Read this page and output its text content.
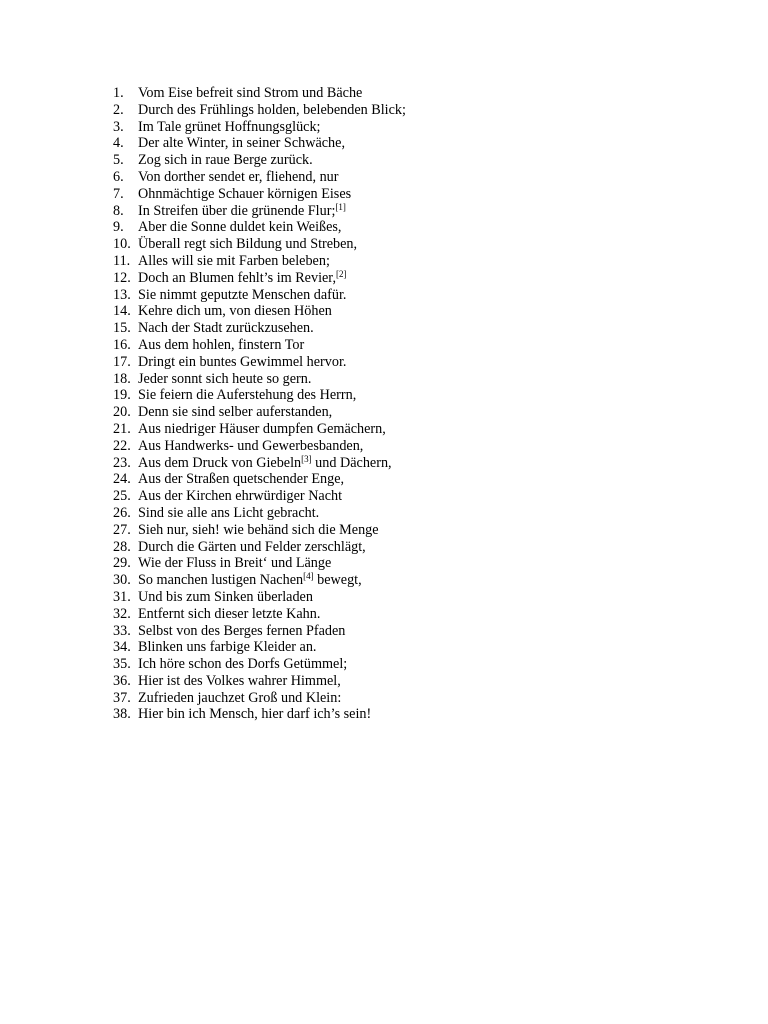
1.	Vom Eise befreit sind Strom und Bäche
2.	Durch des Frühlings holden, belebenden Blick;
3.	Im Tale grünet Hoffnungsglück;
4.	Der alte Winter, in seiner Schwäche,
5.	Zog sich in raue Berge zurück.
6.	Von dorther sendet er, fliehend, nur
7.	Ohnmächtige Schauer körnigen Eises
8.	In Streifen über die grünende Flur;[1]
9.	Aber die Sonne duldet kein Weißes,
10. Überall regt sich Bildung und Streben,
11. Alles will sie mit Farben beleben;
12. Doch an Blumen fehlt’s im Revier,[2]
13. Sie nimmt geputzte Menschen dafür.
14. Kehre dich um, von diesen Höhen
15. Nach der Stadt zurückzusehen.
16. Aus dem hohlen, finstern Tor
17. Dringt ein buntes Gewimmel hervor.
18. Jeder sonnt sich heute so gern.
19. Sie feiern die Auferstehung des Herrn,
20. Denn sie sind selber auferstanden,
21. Aus niedriger Häuser dumpfen Gemächern,
22. Aus Handwerks- und Gewerbesbanden,
23. Aus dem Druck von Giebeln[3] und Dächern,
24. Aus der Straßen quetschender Enge,
25. Aus der Kirchen ehrwürdiger Nacht
26. Sind sie alle ans Licht gebracht.
27. Sieh nur, sieh! wie behänd sich die Menge
28. Durch die Gärten und Felder zerschlägt,
29. Wie der Fluss in Breit‘ und Länge
30. So manchen lustigen Nachen[4] bewegt,
31. Und bis zum Sinken überladen
32. Entfernt sich dieser letzte Kahn.
33. Selbst von des Berges fernen Pfaden
34. Blinken uns farbige Kleider an.
35. Ich höre schon des Dorfs Getümmel;
36. Hier ist des Volkes wahrer Himmel,
37. Zufrieden jauchzet Groß und Klein:
38. Hier bin ich Mensch, hier darf ich’s sein!
